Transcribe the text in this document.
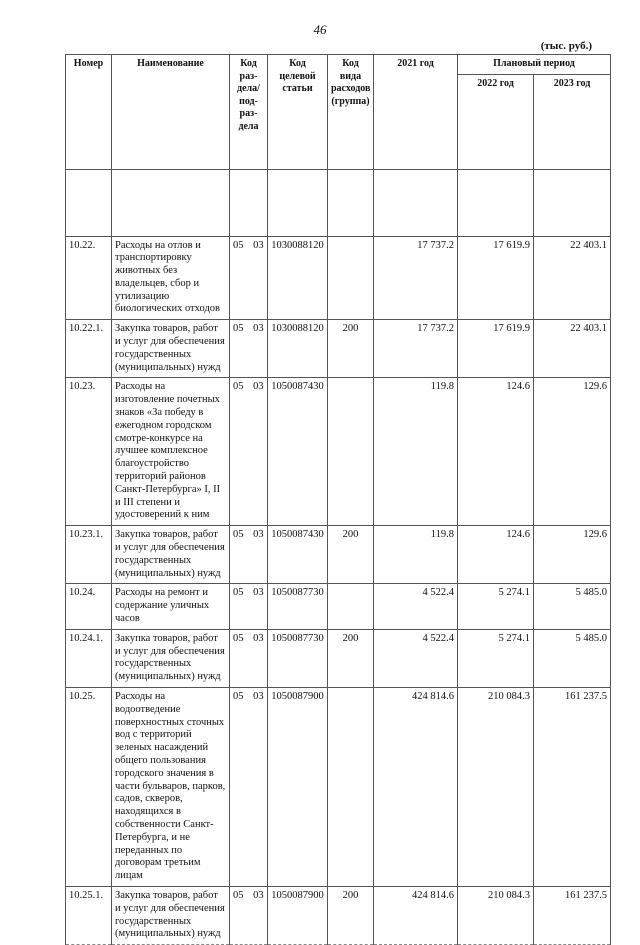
46
(тыс. руб.)
Номер	Наименование	Код раз-дела/ под-раз-дела	Код целевой статьи	Код вида расходов (группа)	2021 год	Плановый период	
						2022 год	2023 год

10.22.	Расходы на отлов и транспортировку животных без владельцев, сбор и утилизацию биологических отходов	05 03	1030088120		17 737.2	17 619.9	22 403.1
10.22.1.	Закупка товаров, работ и услуг для обеспечения государственных (муниципальных) нужд	05 03	1030088120	200	17 737.2	17 619.9	22 403.1
10.23.	Расходы на изготовление почетных знаков «За победу в ежегодном городском смотре-конкурсе на лучшее комплексное благоустройство территорий районов Санкт-Петербурга» I, II и III степени и удостоверений к ним	05 03	1050087430		119.8	124.6	129.6
10.23.1.	Закупка товаров, работ и услуг для обеспечения государственных (муниципальных) нужд	05 03	1050087430	200	119.8	124.6	129.6
10.24.	Расходы на ремонт и содержание уличных часов	05 03	1050087730		4 522.4	5 274.1	5 485.0
10.24.1.	Закупка товаров, работ и услуг для обеспечения государственных (муниципальных) нужд	05 03	1050087730	200	4 522.4	5 274.1	5 485.0
10.25.	Расходы на водоотведение поверхностных сточных вод с территорий зеленых насаждений общего пользования городского значения в части бульваров, парков, садов, скверов, находящихся в собственности Санкт-Петербурга, и не переданных по договорам третьим лицам	05 03	1050087900		424 814.6	210 084.3	161 237.5
10.25.1.	Закупка товаров, работ и услуг для обеспечения государственных (муниципальных) нужд	05 03	1050087900	200	424 814.6	210 084.3	161 237.5
